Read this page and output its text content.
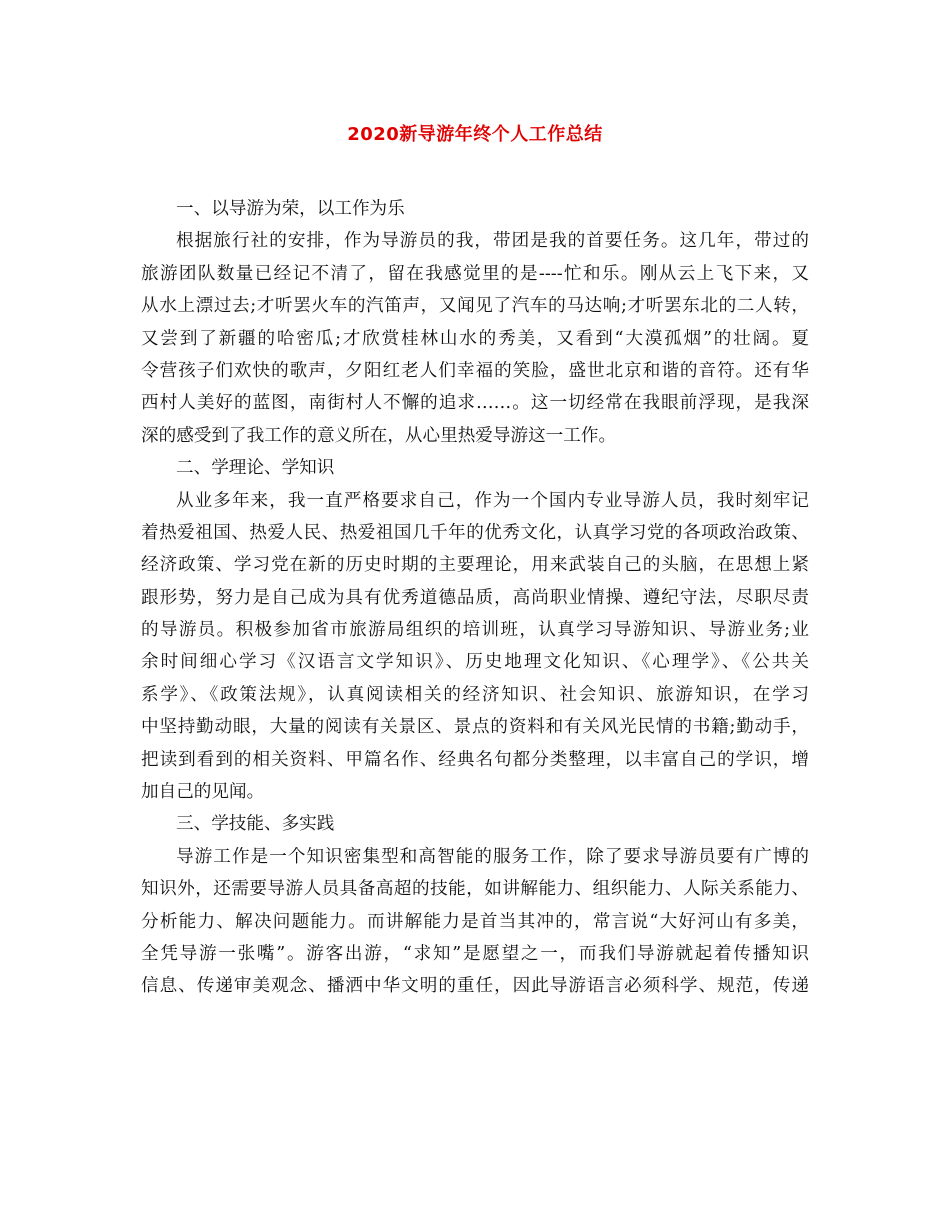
2020新导游年终个人工作总结
一、以导游为荣，以工作为乐
根据旅行社的安排，作为导游员的我，带团是我的首要任务。这几年，带过的
旅游团队数量已经记不清了，留在我感觉里的是----忙和乐。刚从云上飞下来，又
从水上漂过去;才听罢火车的汽笛声，又闻见了汽车的马达响;才听罢东北的二人转，
又尝到了新疆的哈密瓜;才欣赏桂林山水的秀美，又看到“大漠孤烟”的壮阔。夏
令营孩子们欢快的歌声，夕阳红老人们幸福的笑脸，盛世北京和谐的音符。还有华
西村人美好的蓝图，南街村人不懈的追求……。这一切经常在我眼前浮现，是我深
深的感受到了我工作的意义所在，从心里热爱导游这一工作。
二、学理论、学知识
从业多年来，我一直严格要求自己，作为一个国内专业导游人员，我时刻牢记
着热爱祖国、热爱人民、热爱祖国几千年的优秀文化，认真学习党的各项政治政策、
经济政策、学习党在新的历史时期的主要理论，用来武装自己的头脑，在思想上紧
跟形势，努力是自己成为具有优秀道德品质，高尚职业情操、遵纪守法，尽职尽责
的导游员。积极参加省市旅游局组织的培训班，认真学习导游知识、导游业务;业
余时间细心学习《汉语言文学知识》、历史地理文化知识、《心理学》、《公共关
系学》、《政策法规》，认真阅读相关的经济知识、社会知识、旅游知识，在学习
中坚持勤动眼，大量的阅读有关景区、景点的资料和有关风光民情的书籍;勤动手，
把读到看到的相关资料、甲篇名作、经典名句都分类整理，以丰富自己的学识，增
加自己的见闻。
三、学技能、多实践
导游工作是一个知识密集型和高智能的服务工作，除了要求导游员要有广博的
知识外，还需要导游人员具备高超的技能，如讲解能力、组织能力、人际关系能力、
分析能力、解决问题能力。而讲解能力是首当其冲的，常言说“大好河山有多美，
全凭导游一张嘴”。游客出游，“求知”是愿望之一，而我们导游就起着传播知识
信息、传递审美观念、播洒中华文明的重任，因此导游语言必须科学、规范，传递
